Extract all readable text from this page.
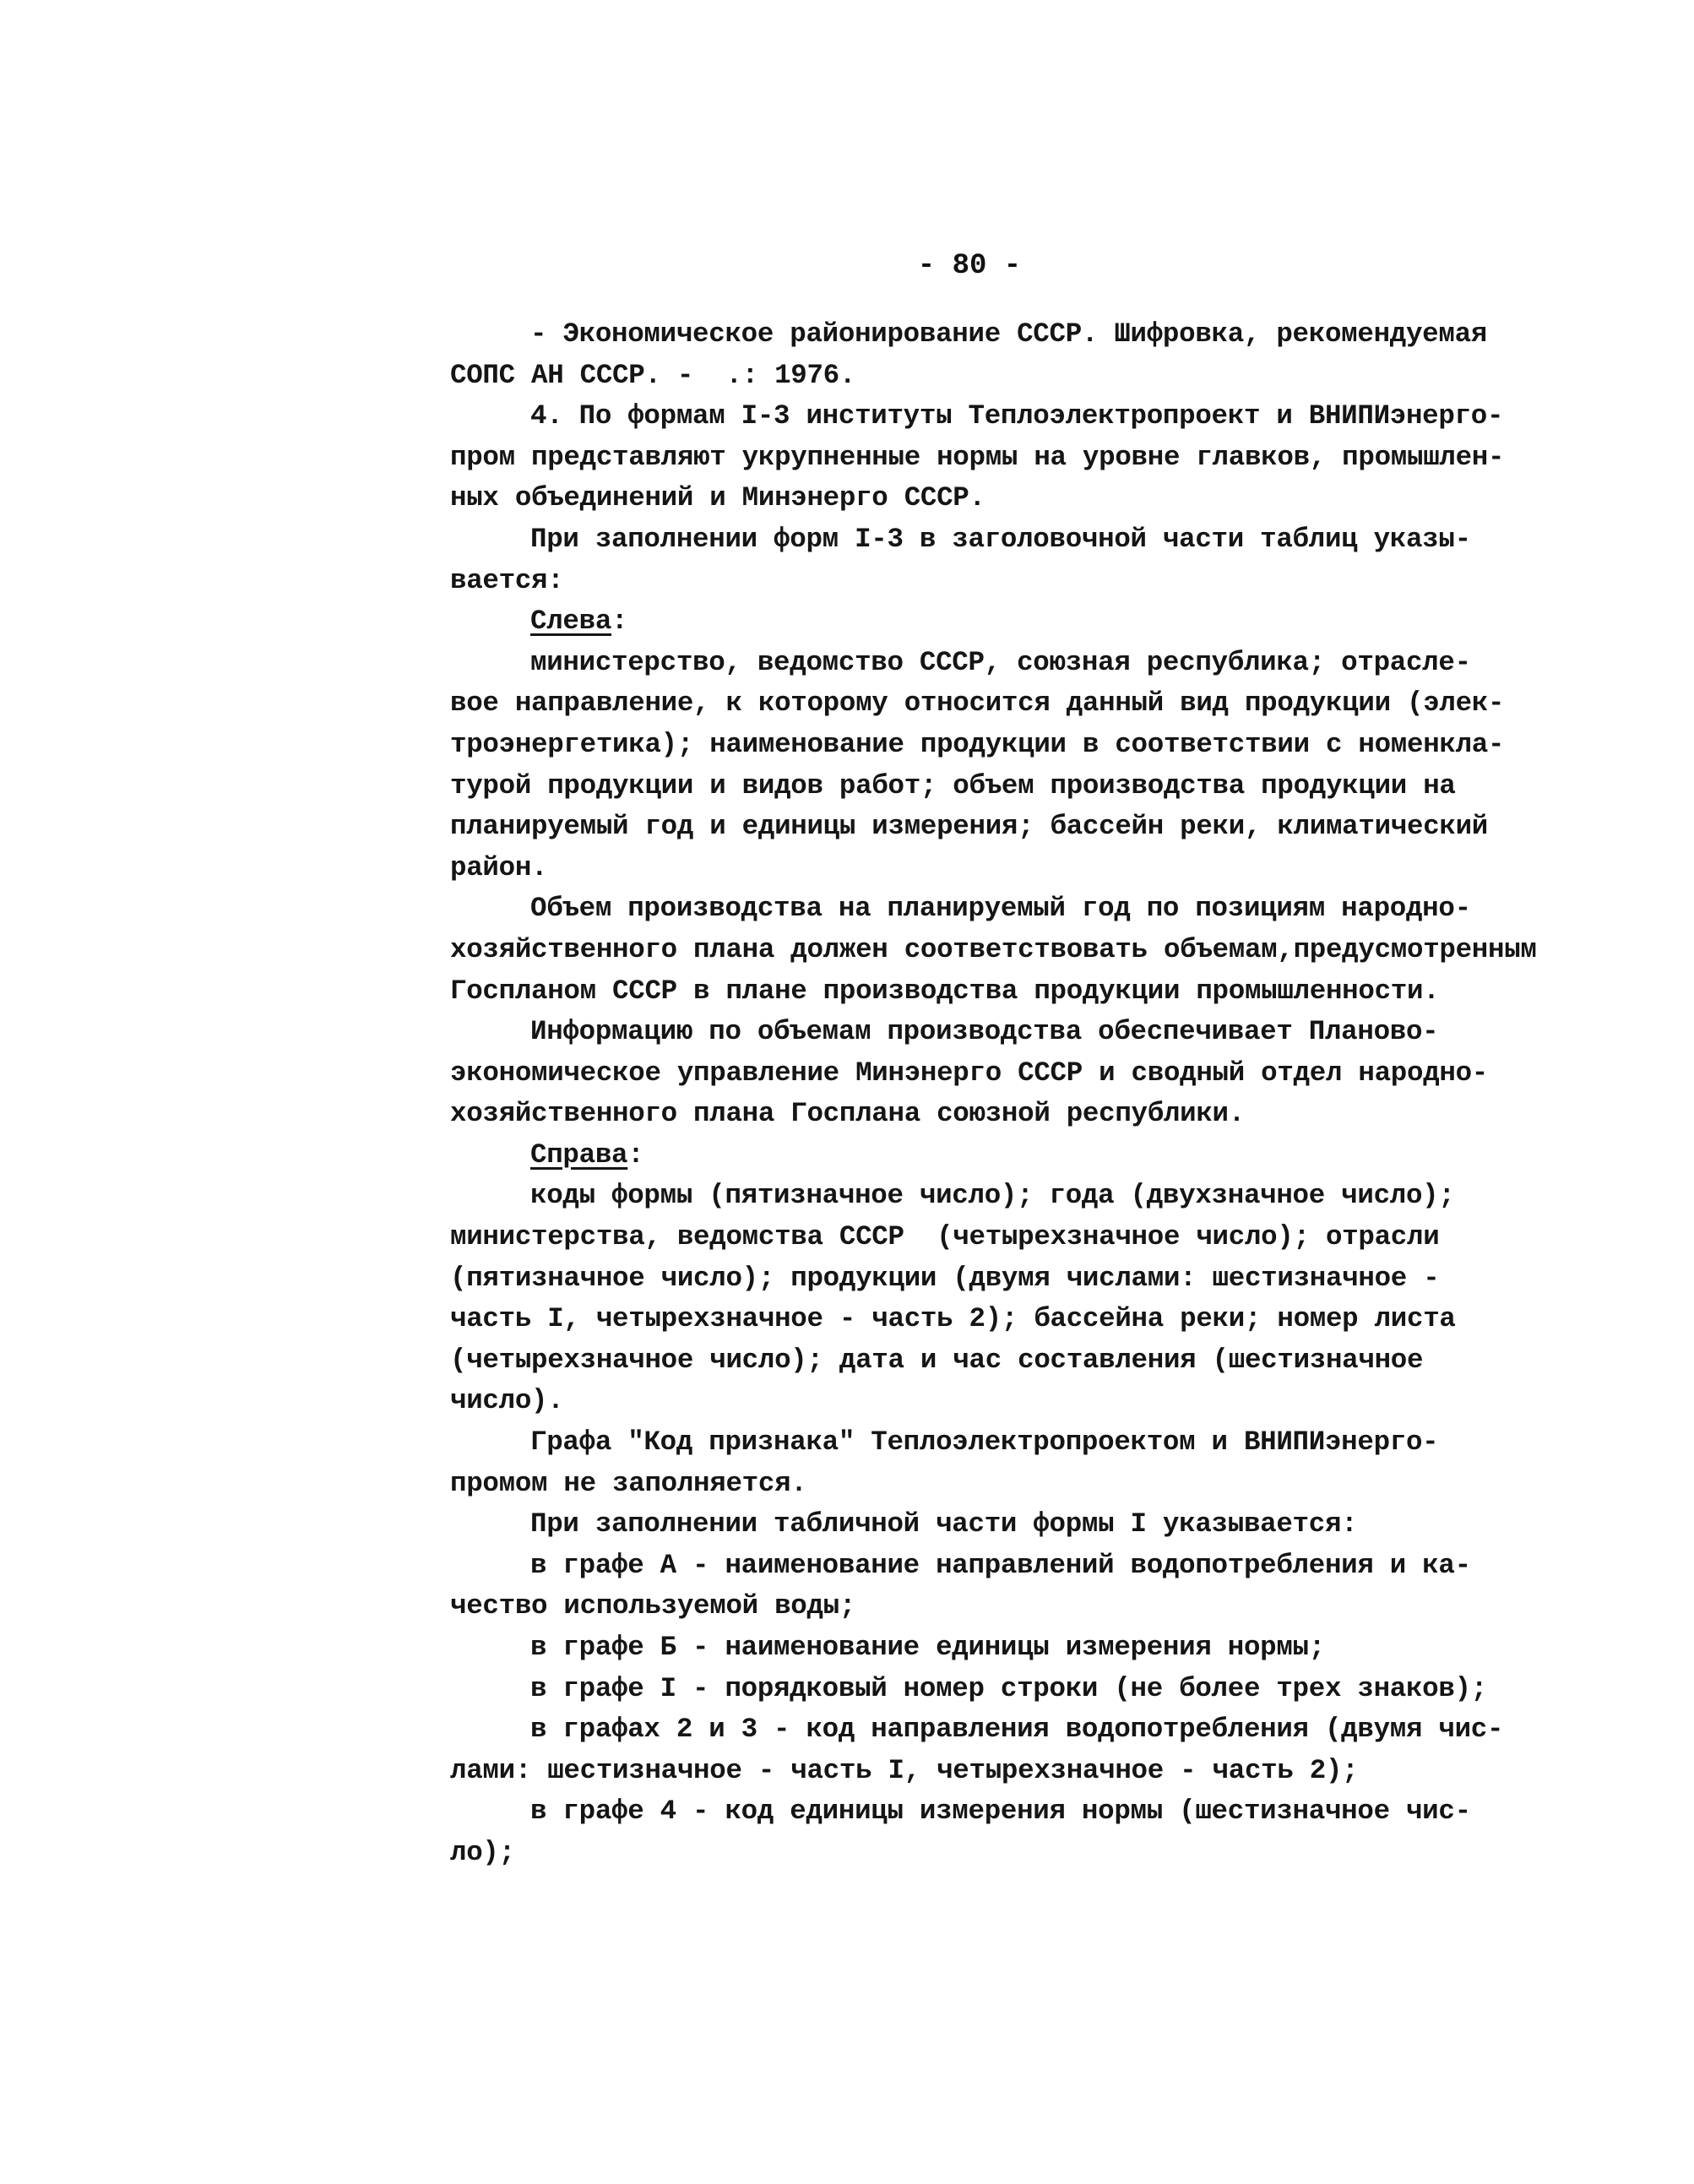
- 80 -
- Экономическое районирование СССР. Шифровка, рекомендуемая
СОПС АН СССР. -  .: 1976.
4. По формам I-3 институты Теплоэлектропроект и ВНИПИэнерго-
пром представляют укрупненные нормы на уровне главков, промышлен-
ных объединений и Минэнерго СССР.
При заполнении форм I-3 в заголовочной части таблиц указы-
вается:
Слева:
министерство, ведомство СССР, союзная республика; отрасле-
вое направление, к которому относится данный вид продукции (элек-
троэнергетика); наименование продукции в соответствии с номенкла-
турой продукции и видов работ; объем производства продукции на
планируемый год и единицы измерения; бассейн реки, климатический
район.
Объем производства на планируемый год по позициям народно-
хозяйственного плана должен соответствовать объемам,предусмотренным
Госпланом СССР в плане производства продукции промышленности.
Информацию по объемам производства обеспечивает Планово-
экономическое управление Минэнерго СССР и сводный отдел народно-
хозяйственного плана Госплана союзной республики.
Справа:
коды формы (пятизначное число); года (двухзначное число);
министерства, ведомства СССР  (четырехзначное число); отрасли
(пятизначное число); продукции (двумя числами: шестизначное -
часть I, четырехзначное - часть 2); бассейна реки; номер листа
(четырехзначное число); дата и час составления (шестизначное
число).
Графа "Код признака" Теплоэлектропроектом и ВНИПИэнерго-
промом не заполняется.
При заполнении табличной части формы I указывается:
в графе А - наименование направлений водопотребления и ка-
чество используемой воды;
в графе Б - наименование единицы измерения нормы;
в графе I - порядковый номер строки (не более трех знаков);
в графах 2 и 3 - код направления водопотребления (двумя чис-
лами: шестизначное - часть I, четырехзначное - часть 2);
в графе 4 - код единицы измерения нормы (шестизначное чис-
ло);
